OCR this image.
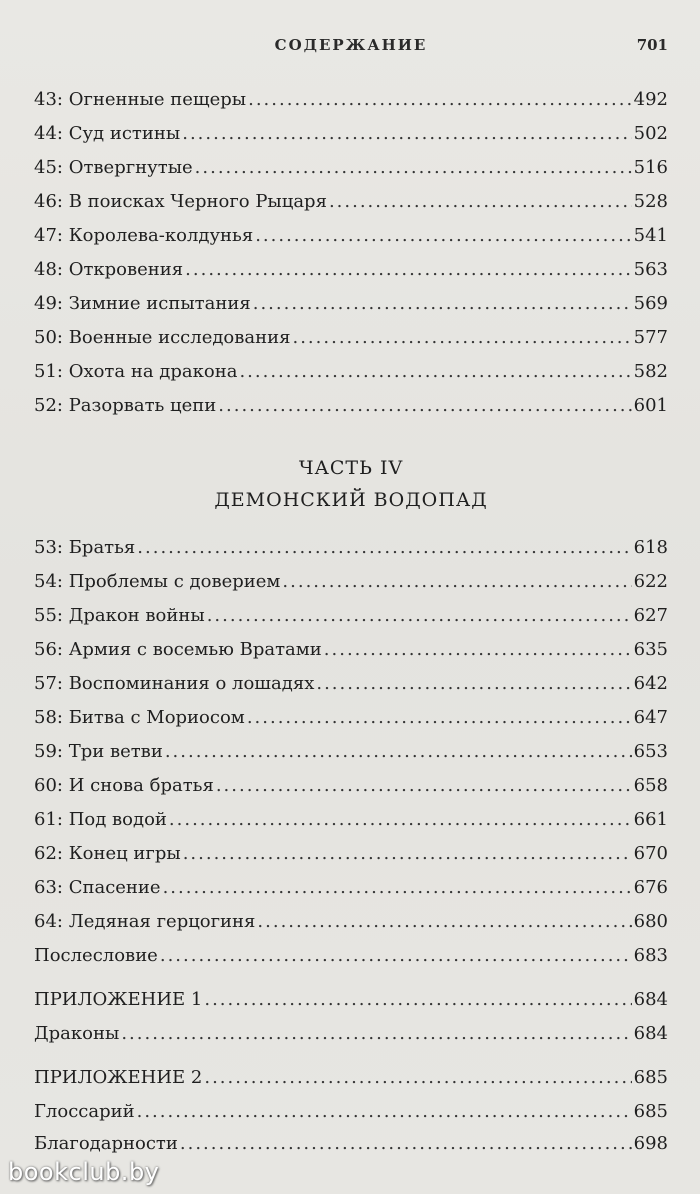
СОДЕРЖАНИЕ	701
43: Огненные пещеры .....	492
44: Суд истины .....	502
45: Отвергнутые .....	516
46: В поисках Черного Рыцаря .....	528
47: Королева-колдунья .....	541
48: Откровения .....	563
49: Зимние испытания .....	569
50: Военные исследования .....	577
51: Охота на дракона .....	582
52: Разорвать цепи .....	601
ЧАСТЬ IV
ДЕМОНСКИЙ ВОДОПАД
53: Братья .....	618
54: Проблемы с доверием .....	622
55: Дракон войны .....	627
56: Армия с восемью Вратами .....	635
57: Воспоминания о лошадях .....	642
58: Битва с Мориосом .....	647
59: Три ветви .....	653
60: И снова братья .....	658
61: Под водой .....	661
62: Конец игры .....	670
63: Спасение .....	676
64: Ледяная герцогиня .....	680
Послесловие .....	683
ПРИЛОЖЕНИЕ 1 .....	684
Драконы .....	684
ПРИЛОЖЕНИЕ 2 .....	685
Глоссарий .....	685
Благодарности .....	698
bookclub.by
